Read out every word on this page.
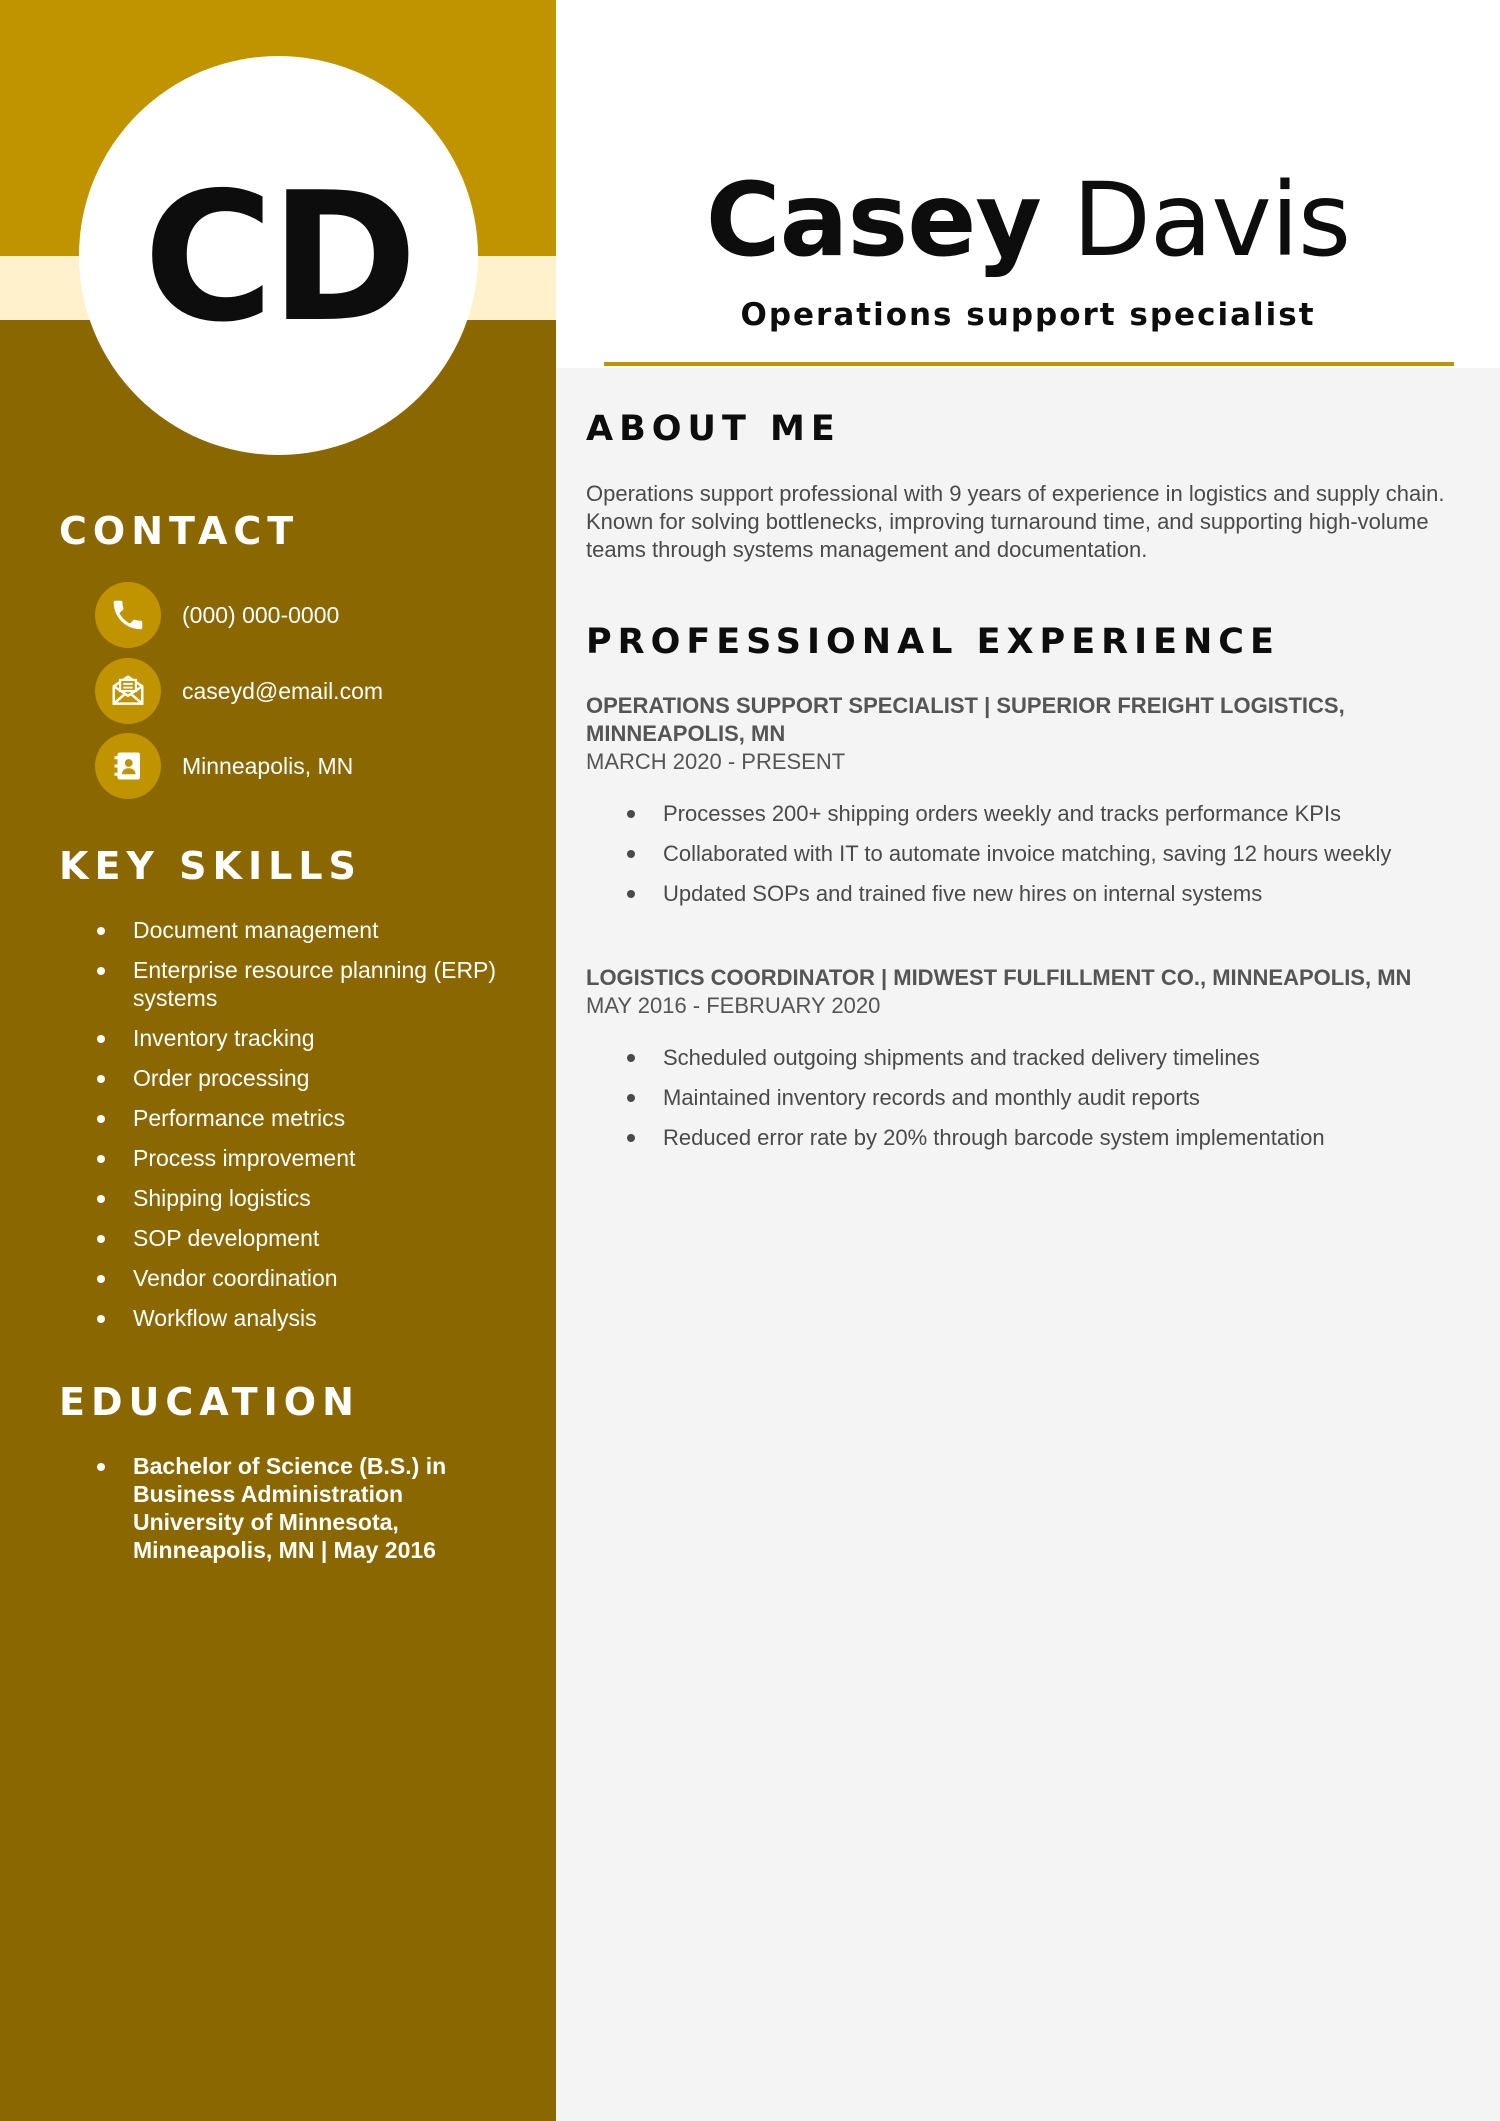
CD
CONTACT
(000) 000-0000
caseyd@email.com
Minneapolis, MN
KEY SKILLS
Document management
Enterprise resource planning (ERP) systems
Inventory tracking
Order processing
Performance metrics
Process improvement
Shipping logistics
SOP development
Vendor coordination
Workflow analysis
EDUCATION
Bachelor of Science (B.S.) in Business Administration
University of Minnesota, Minneapolis, MN | May 2016
Casey Davis
Operations support specialist
ABOUT ME
Operations support professional with 9 years of experience in logistics and supply chain. Known for solving bottlenecks, improving turnaround time, and supporting high-volume teams through systems management and documentation.
PROFESSIONAL EXPERIENCE
OPERATIONS SUPPORT SPECIALIST | SUPERIOR FREIGHT LOGISTICS, MINNEAPOLIS, MN
MARCH 2020 - PRESENT
Processes 200+ shipping orders weekly and tracks performance KPIs
Collaborated with IT to automate invoice matching, saving 12 hours weekly
Updated SOPs and trained five new hires on internal systems
LOGISTICS COORDINATOR | MIDWEST FULFILLMENT CO., MINNEAPOLIS, MN
MAY 2016 - FEBRUARY 2020
Scheduled outgoing shipments and tracked delivery timelines
Maintained inventory records and monthly audit reports
Reduced error rate by 20% through barcode system implementation
